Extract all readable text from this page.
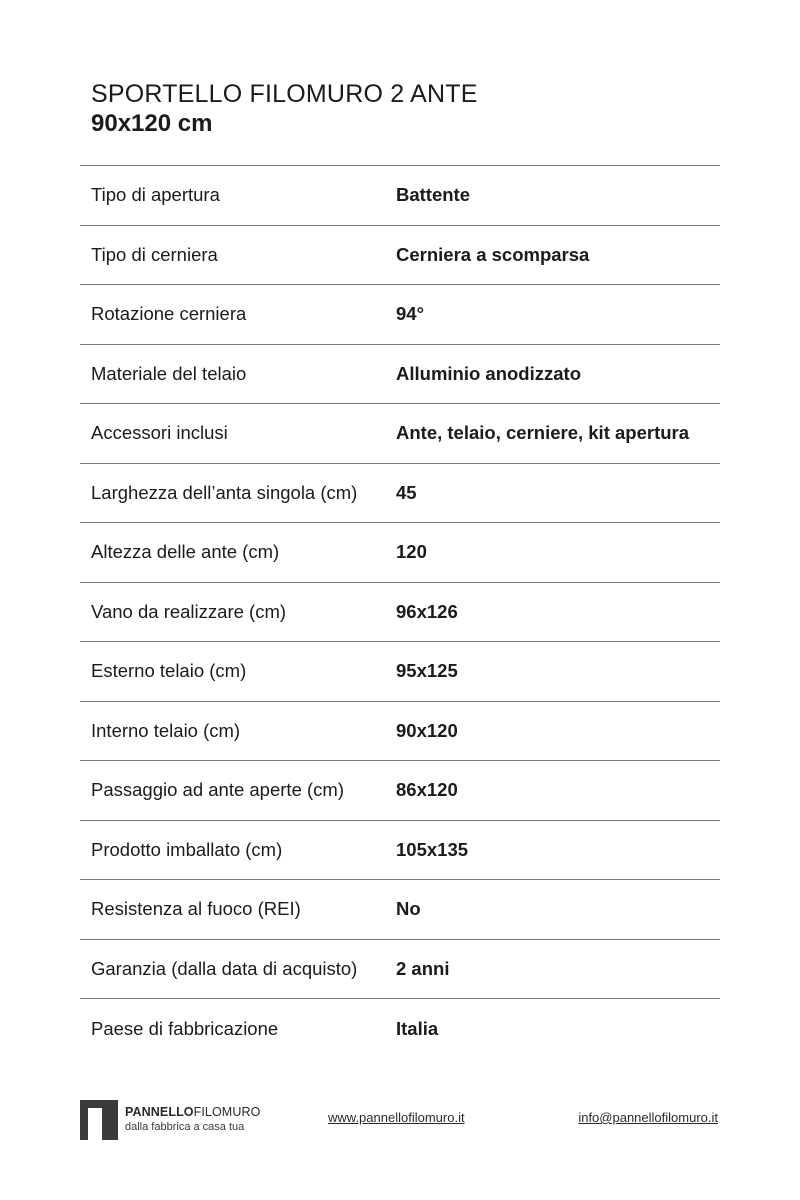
SPORTELLO FILOMURO 2 ANTE

90x120 cm

Tipo di apertura	Battente
Tipo di cerniera	Cerniera a scomparsa
Rotazione cerniera	94°
Materiale del telaio	Alluminio anodizzato
Accessori inclusi	Ante, telaio, cerniere, kit apertura
Larghezza dell’anta singola (cm)	45
Altezza delle ante (cm)	120
Vano da realizzare (cm)	96x126
Esterno telaio (cm)	95x125
Interno telaio (cm)	90x120
Passaggio ad ante aperte (cm)	86x120
Prodotto imballato (cm)	105x135
Resistenza al fuoco (REI)	No
Garanzia (dalla data di acquisto)	2 anni
Paese di fabbricazione	Italia
PANNELLOFILOMURO
dalla fabbrica a casa tua
www.pannellofilomuro.it	info@pannellofilomuro.it
